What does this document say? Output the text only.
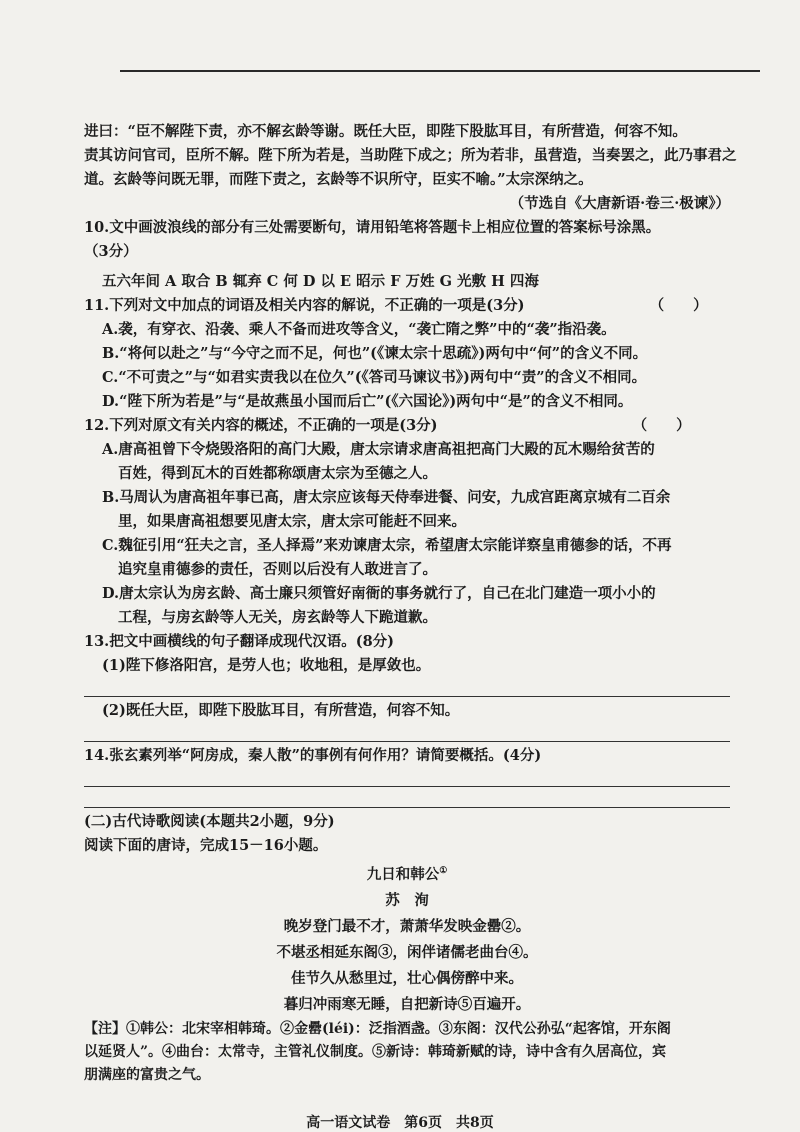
进曰：“臣不解陛下责，亦不解玄龄等谢。既任大臣，即陛下股肱耳目，有所营造，何容不知。
责其访问官司，臣所不解。陛下所为若是，当助陛下成之；所为若非，虽营造，当奏罢之，此乃事君之
道。玄龄等问既无罪，而陛下责之，玄龄等不识所守，臣实不喻。”太宗深纳之。
（节选自《大唐新语·卷三·极谏》）
10.文中画波浪线的部分有三处需要断句，请用铅笔将答题卡上相应位置的答案标号涂黑。
（3分）
五六年间 A 取合 B 辄弃 C 何 D 以 E 昭示 F 万姓 G 光敷 H 四海
11.下列对文中加点的词语及相关内容的解说，不正确的一项是(3分)	（　　）
A.袭，有穿衣、沿袭、乘人不备而进攻等含义，“袭亡隋之弊”中的“袭”指沿袭。
B.“将何以赴之”与“今守之而不足，何也”(《谏太宗十思疏》)两句中“何”的含义不同。
C.“不可责之”与“如君实责我以在位久”(《答司马谏议书》)两句中“责”的含义不相同。
D.“陛下所为若是”与“是故燕虽小国而后亡”(《六国论》)两句中“是”的含义不相同。
12.下列对原文有关内容的概述，不正确的一项是(3分)	（　　）
A.唐高祖曾下令烧毁洛阳的高门大殿，唐太宗请求唐高祖把高门大殿的瓦木赐给贫苦的
百姓，得到瓦木的百姓都称颂唐太宗为至德之人。
B.马周认为唐高祖年事已高，唐太宗应该每天侍奉进餐、问安，九成宫距离京城有二百余
里，如果唐高祖想要见唐太宗，唐太宗可能赶不回来。
C.魏征引用“狂夫之言，圣人择焉”来劝谏唐太宗，希望唐太宗能详察皇甫德参的话，不再
追究皇甫德参的责任，否则以后没有人敢进言了。
D.唐太宗认为房玄龄、高士廉只须管好南衙的事务就行了，自己在北门建造一项小小的
工程，与房玄龄等人无关，房玄龄等人下跪道歉。
13.把文中画横线的句子翻译成现代汉语。(8分)
(1)陛下修洛阳宫，是劳人也；收地租，是厚敛也。
(2)既任大臣，即陛下股肱耳目，有所营造，何容不知。
14.张玄素列举“阿房成，秦人散”的事例有何作用？请简要概括。(4分)
(二)古代诗歌阅读(本题共2小题，9分)
阅读下面的唐诗，完成15－16小题。
九日和韩公①
苏　洵
晚岁登门最不才，萧萧华发映金罍②。
不堪丞相延东阁③，闲伴诸儒老曲台④。
佳节久从愁里过，壮心偶傍醉中来。
暮归冲雨寒无睡，自把新诗⑤百遍开。
【注】①韩公：北宋宰相韩琦。②金罍(léi)：泛指酒盏。③东阁：汉代公孙弘“起客馆，开东阁
以延贤人”。④曲台：太常寺，主管礼仪制度。⑤新诗：韩琦新赋的诗，诗中含有久居高位，宾
朋满座的富贵之气。
高一语文试卷　第6页　共8页
